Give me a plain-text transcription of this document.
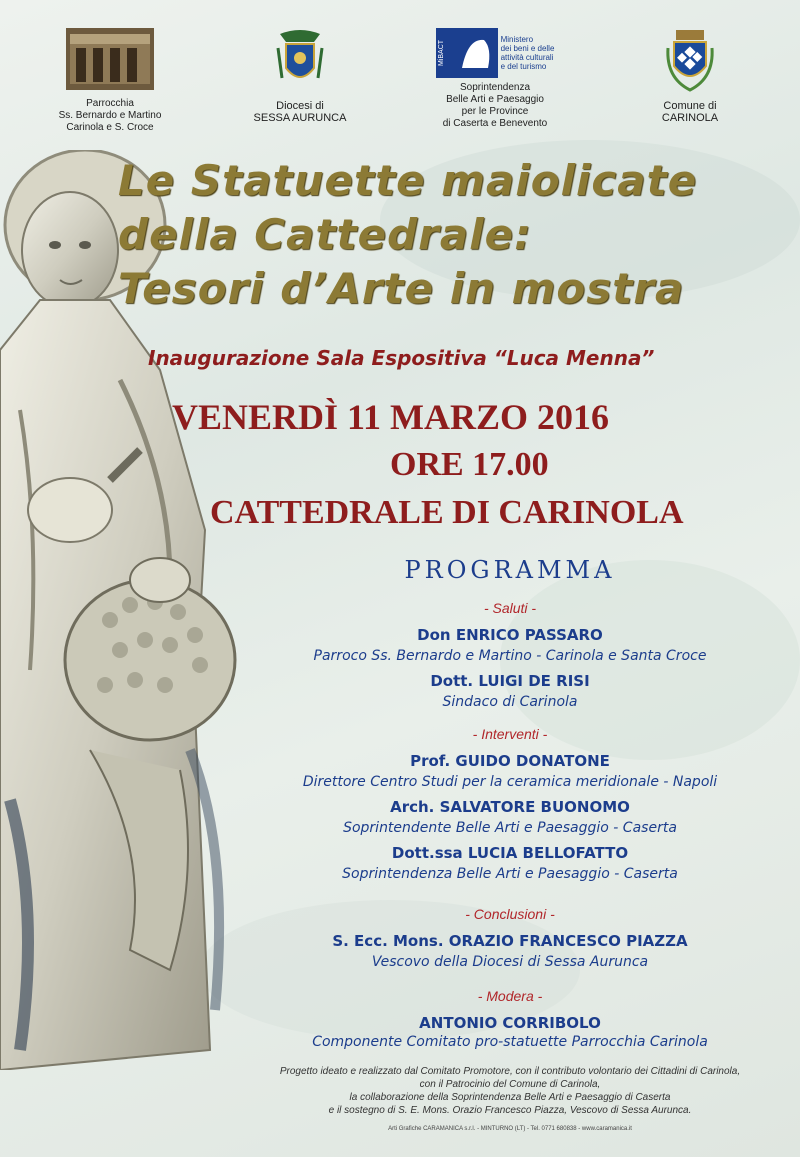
Parrocchia
Ss. Bernardo e Martino
Carinola e S. Croce
Diocesi di
SESSA AURUNCA
MiBACT
Ministero
dei beni e delle
attività culturali
e del turismo
Soprintendenza
Belle Arti e Paesaggio
per le Province
di Caserta e Benevento
Comune di
CARINOLA
Le Statuette maiolicate
della Cattedrale:
Tesori d’Arte in mostra
Inaugurazione Sala Espositiva “Luca Menna”
VENERDÌ 11 MARZO 2016
ORE 17.00
CATTEDRALE DI CARINOLA
PROGRAMMA
- Saluti -
Don ENRICO PASSARO
Parroco Ss. Bernardo e Martino - Carinola e Santa Croce
Dott. LUIGI DE RISI
Sindaco di Carinola
- Interventi -
Prof. GUIDO DONATONE
Direttore Centro Studi per la ceramica meridionale - Napoli
Arch. SALVATORE BUONOMO
Soprintendente Belle Arti e Paesaggio - Caserta
Dott.ssa LUCIA BELLOFATTO
Soprintendenza Belle Arti e Paesaggio - Caserta
- Conclusioni -
S. Ecc. Mons. ORAZIO FRANCESCO PIAZZA
Vescovo della Diocesi di Sessa Aurunca
- Modera -
ANTONIO CORRIBOLO
Componente Comitato pro-statuette Parrocchia Carinola
Progetto ideato e realizzato dal Comitato Promotore, con il contributo volontario dei Cittadini di Carinola,
con il Patrocinio del Comune di Carinola,
la collaborazione della Soprintendenza Belle Arti e Paesaggio di Caserta
e il sostegno di S. E. Mons. Orazio Francesco Piazza, Vescovo di Sessa Aurunca.
Arti Grafiche CARAMANICA s.r.l. - MINTURNO (LT) - Tel. 0771 680838 - www.caramanica.it
